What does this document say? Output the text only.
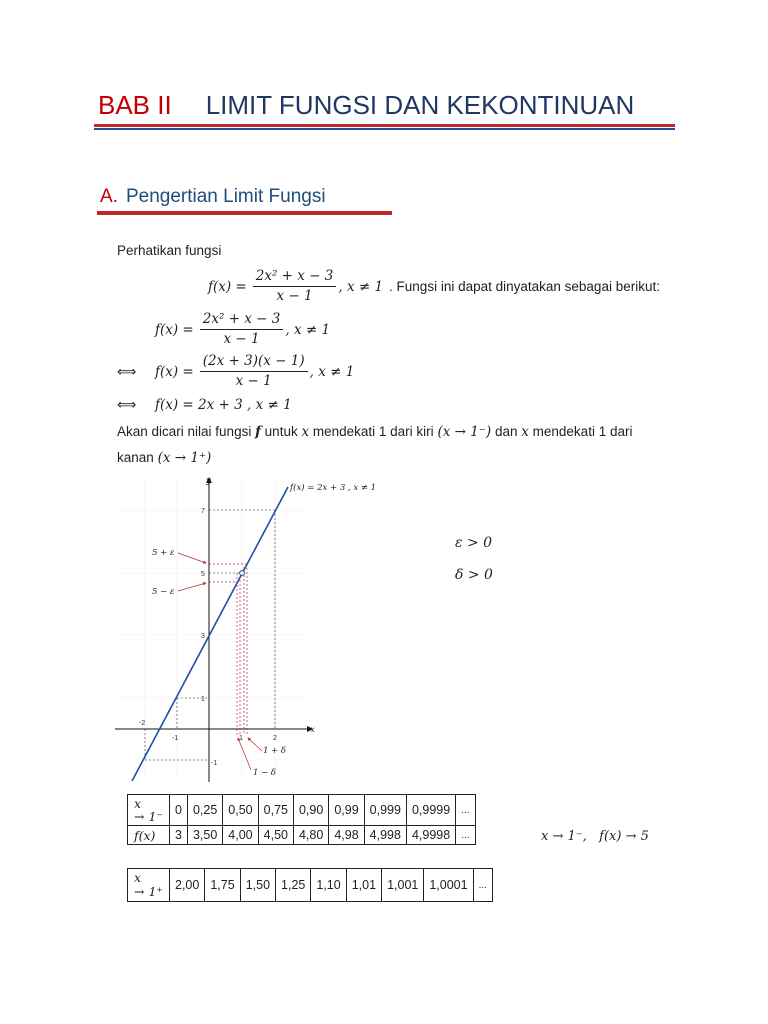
BAB II LIMIT FUNGSI DAN KEKONTINUAN
A. Pengertian Limit Fungsi
Perhatikan fungsi
$f(x) = \frac{\text{2x² + x − 3}}{x - 1}$ , x ≠ 1 . Fungsi ini dapat dinyatakan sebagai berikut:
$f(x) = \frac{\text{2x² + x − 3}}{x - 1}$ , x ≠ 1
⟺	$f(x) = \frac{(2x + 3)(x - 1)}{x - 1}$ , x ≠ 1
⟺	f(x) = 2x + 3 , x ≠ 1
Akan dicari nilai fungsi f untuk x mendekati 1 dari kiri (x → 1⁻) dan x mendekati 1 dari
kanan (x → 1⁺)
x
y
-2
-1	1	2
7
5
3
1
-1
f(x) = 2x + 3 , x ≠ 1
5 + ε
5 − ε
1 + δ
1 − δ
ε > 0
δ > 0
x
→ 1⁻	0	0,25	0,50	0,75	0,90	0,99	0,999	0,9999	...
f(x)	3	3,50	4,00	4,50	4,80	4,98	4,998	4,9998	...	x → 1⁻,   f(x) → 5
x
→ 1⁺	2,00	1,75	1,50	1,25	1,10	1,01	1,001	1,0001	...
